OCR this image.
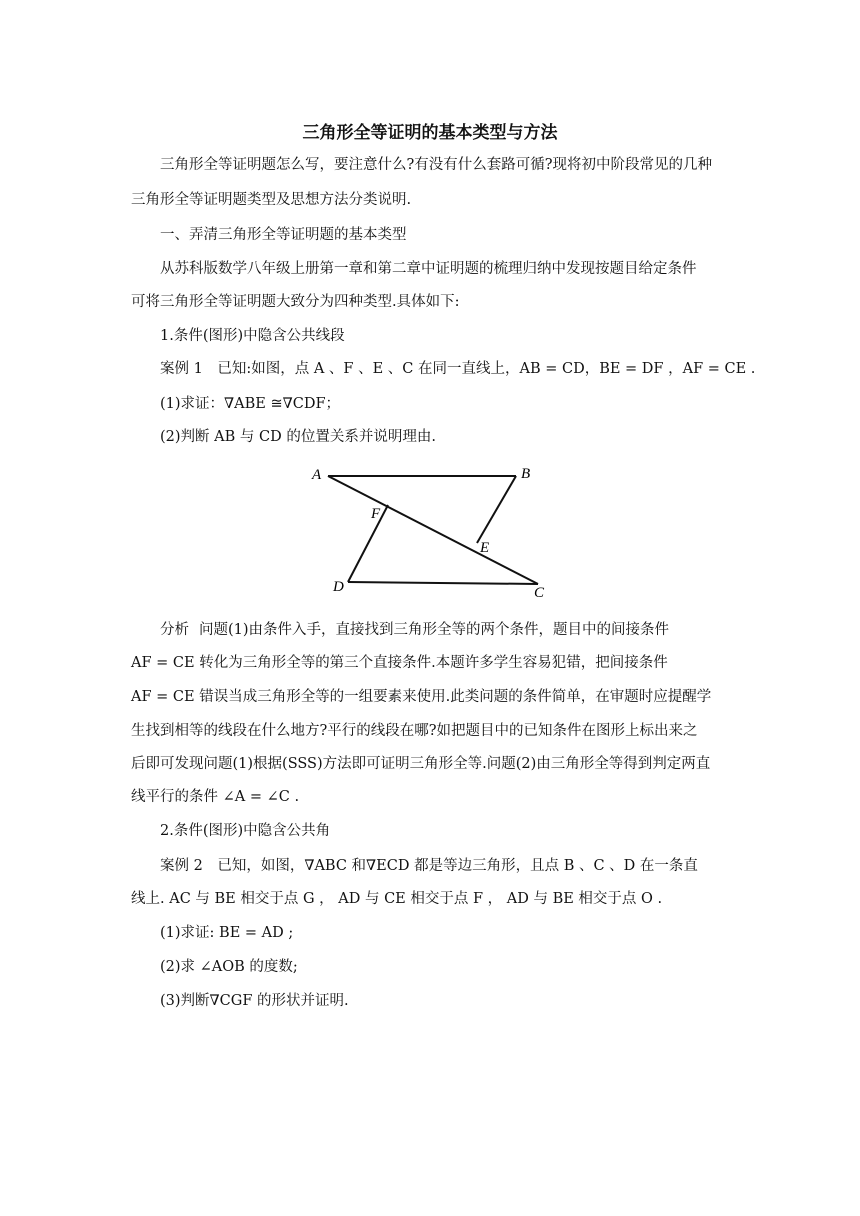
三角形全等证明的基本类型与方法
三角形全等证明题怎么写，要注意什么?有没有什么套路可循?现将初中阶段常见的几种
三角形全等证明题类型及思想方法分类说明.
一、弄清三角形全等证明题的基本类型
从苏科版数学八年级上册第一章和第二章中证明题的梳理归纳中发现按题目给定条件
可将三角形全等证明题大致分为四种类型.具体如下:
1.条件(图形)中隐含公共线段
案例 1　已知:如图，点 A 、F 、E 、C 在同一直线上，AB = CD，BE = DF ，AF = CE .
(1)求证：∇ABE ≅∇CDF；
(2)判断 AB 与 CD 的位置关系并说明理由.
A	B
F
E
D	C
分析 问题(1)由条件入手，直接找到三角形全等的两个条件，题目中的间接条件
AF = CE 转化为三角形全等的第三个直接条件.本题许多学生容易犯错，把间接条件
AF = CE 错误当成三角形全等的一组要素来使用.此类问题的条件简单，在审题时应提醒学
生找到相等的线段在什么地方?平行的线段在哪?如把题目中的已知条件在图形上标出来之
后即可发现问题(1)根据(SSS)方法即可证明三角形全等.问题(2)由三角形全等得到判定两直
线平行的条件 ∠A = ∠C .
2.条件(图形)中隐含公共角
案例 2　已知，如图，∇ABC 和∇ECD 都是等边三角形，且点 B 、C 、D 在一条直
线上. AC 与 BE 相交于点 G ， AD 与 CE 相交于点 F ， AD 与 BE 相交于点 O .
(1)求证: BE = AD ;
(2)求 ∠AOB 的度数;
(3)判断∇CGF 的形状并证明.
